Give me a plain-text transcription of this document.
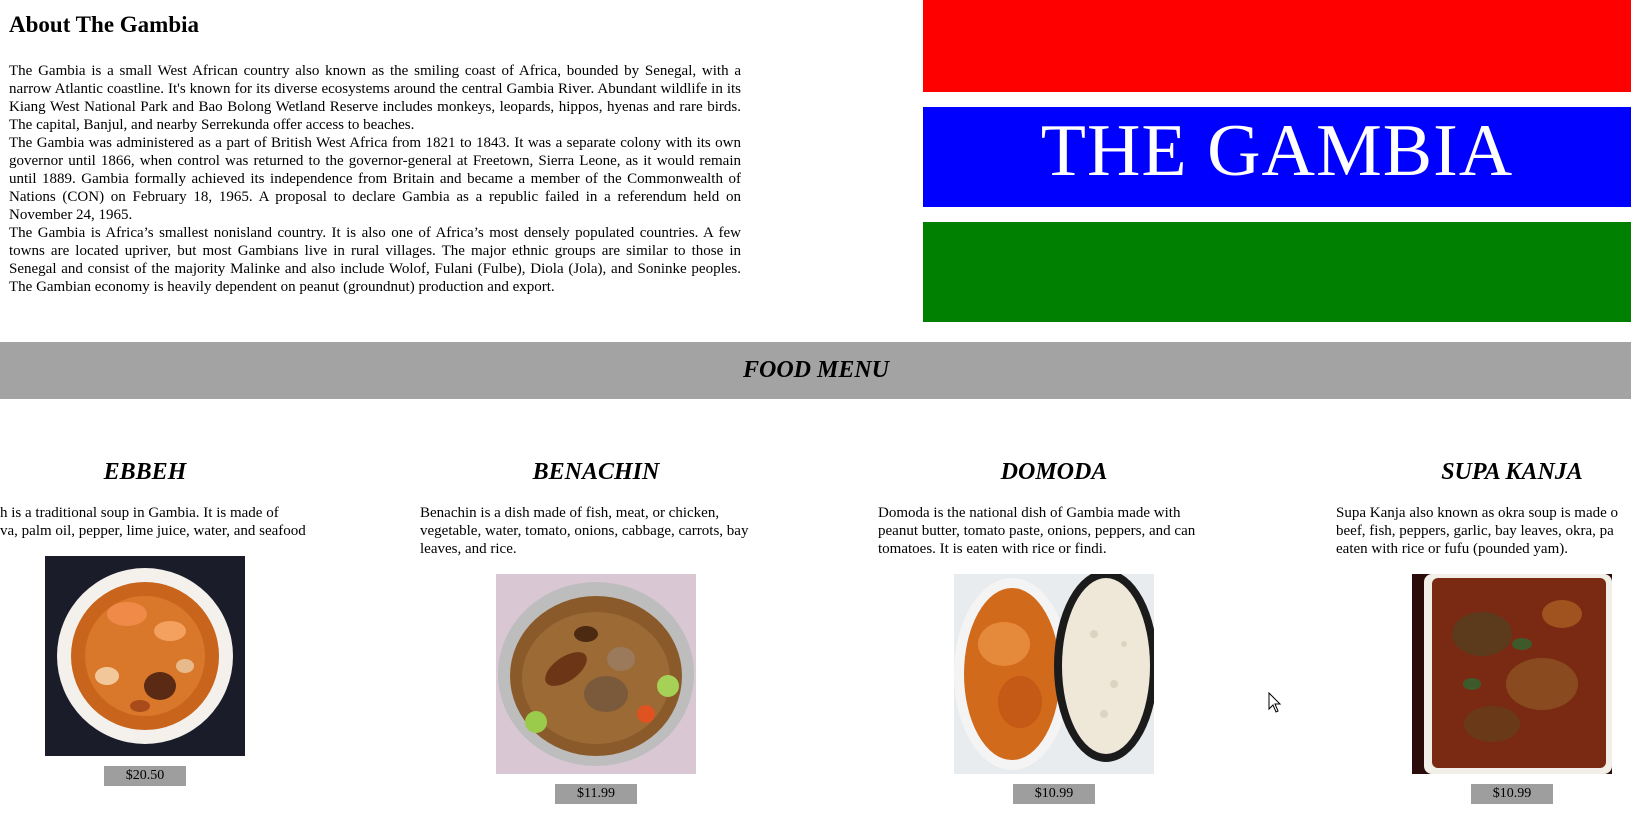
About The Gambia

The Gambia is a small West African country also known as the smiling coast of Africa, bounded by Senegal, with a narrow Atlantic coastline. It's known for its diverse ecosystems around the central Gambia River. Abundant wildlife in its Kiang West National Park and Bao Bolong Wetland Reserve includes monkeys, leopards, hippos, hyenas and rare birds. The capital, Banjul, and nearby Serrekunda offer access to beaches.

The Gambia was administered as a part of British West Africa from 1821 to 1843. It was a separate colony with its own governor until 1866, when control was returned to the governor-general at Freetown, Sierra Leone, as it would remain until 1889. Gambia formally achieved its independence from Britain and became a member of the Commonwealth of Nations (CON) on February 18, 1965. A proposal to declare Gambia as a republic failed in a referendum held on November 24, 1965.

The Gambia is Africa’s smallest nonisland country. It is also one of Africa’s most densely populated countries. A few towns are located upriver, but most Gambians live in rural villages. The major ethnic groups are similar to those in Senegal and consist of the majority Malinke and also include Wolof, Fulani (Fulbe), Diola (Jola), and Soninke peoples. The Gambian economy is heavily dependent on peanut (groundnut) production and export.

THE GAMBIA
FOOD MENU
EBBEH

h is a traditional soup in Gambia. It is made of
va, palm oil, pepper, lime juice, water, and seafood

$20.50
BENACHIN

Benachin is a dish made of fish, meat, or chicken,
vegetable, water, tomato, onions, cabbage, carrots, bay
leaves, and rice.

$11.99
DOMODA

Domoda is the national dish of Gambia made with
peanut butter, tomato paste, onions, peppers, and can
tomatoes. It is eaten with rice or findi.

$10.99
SUPA KANJA

Supa Kanja also known as okra soup is made o
beef, fish, peppers, garlic, bay leaves, okra, pa
eaten with rice or fufu (pounded yam).

$10.99
